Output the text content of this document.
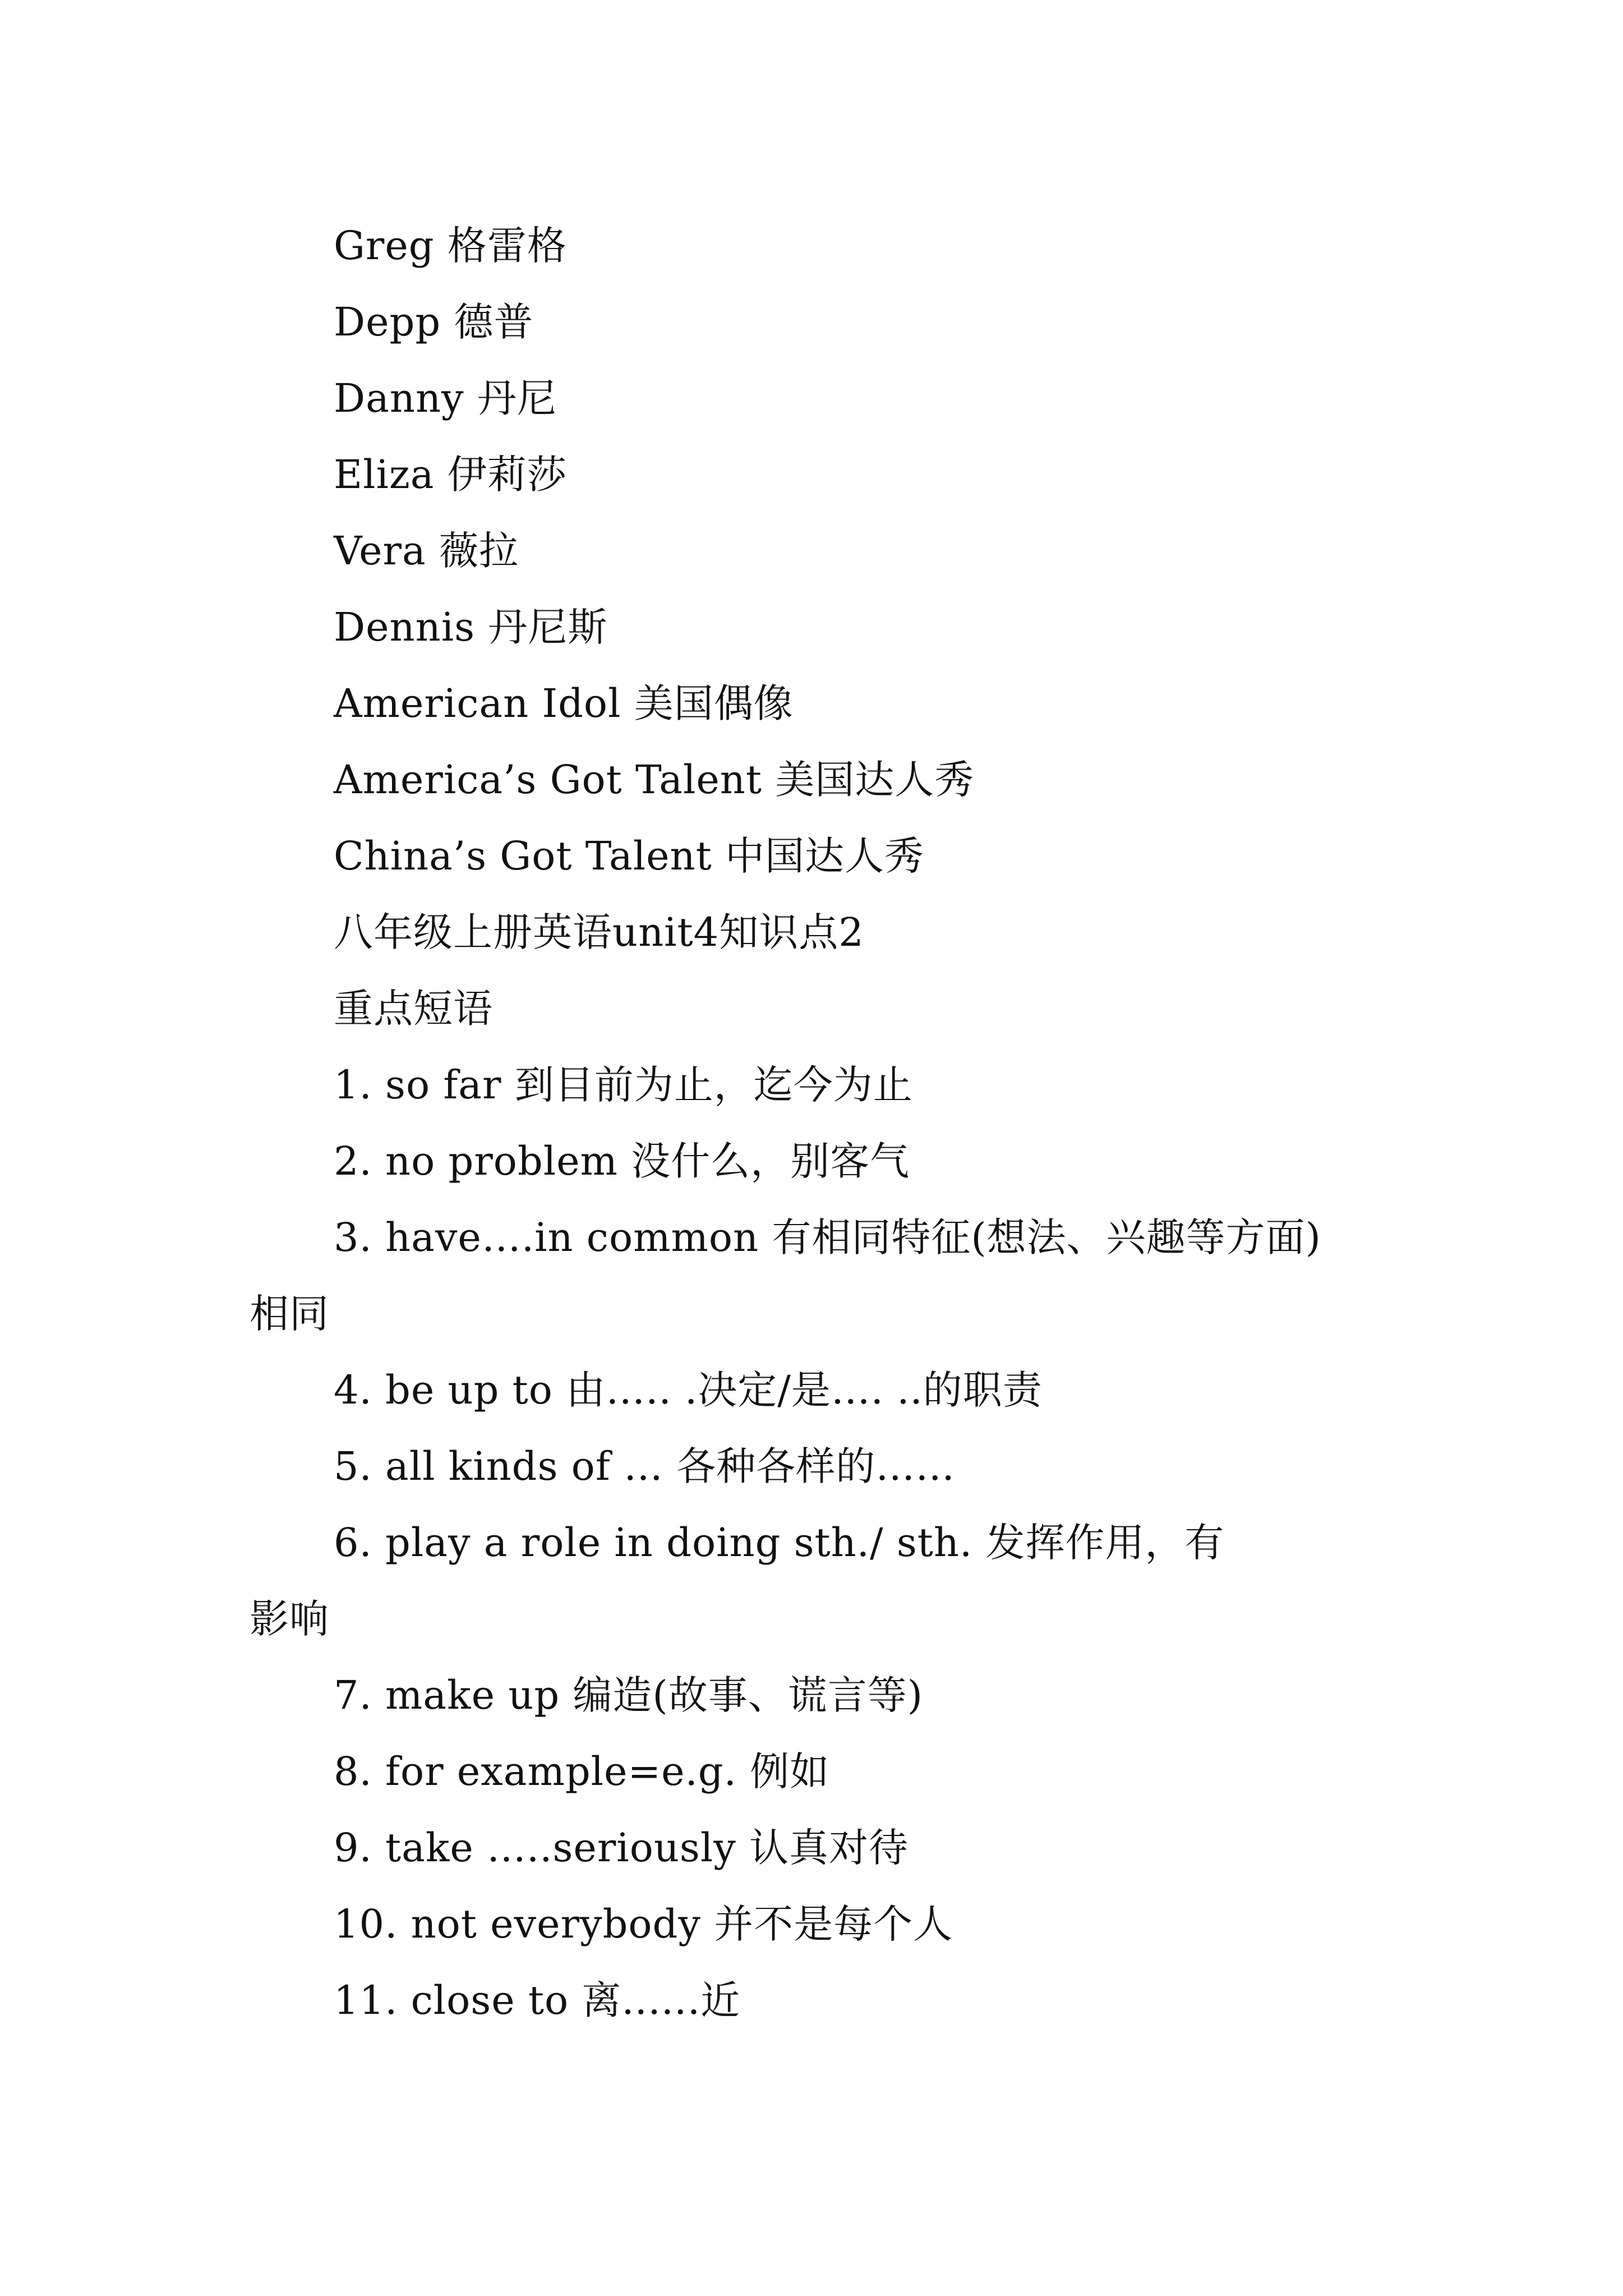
Greg 格雷格
Depp 德普
Danny 丹尼
Eliza 伊莉莎
Vera 薇拉
Dennis 丹尼斯
American Idol 美国偶像
America’s Got Talent 美国达人秀
China’s Got Talent 中国达人秀
八年级上册英语unit4知识点2
重点短语
1. so far 到目前为止，迄今为止
2. no problem 没什么，别客气
3. have….in common 有相同特征(想法、兴趣等方面)
相同
4. be up to 由….. .决定/是…. ..的职责
5. all kinds of … 各种各样的……
6. play a role in doing sth./ sth. 发挥作用，有
影响
7. make up 编造(故事、谎言等)
8. for example=e.g. 例如
9. take …..seriously 认真对待
10. not everybody 并不是每个人
11. close to 离..….近
